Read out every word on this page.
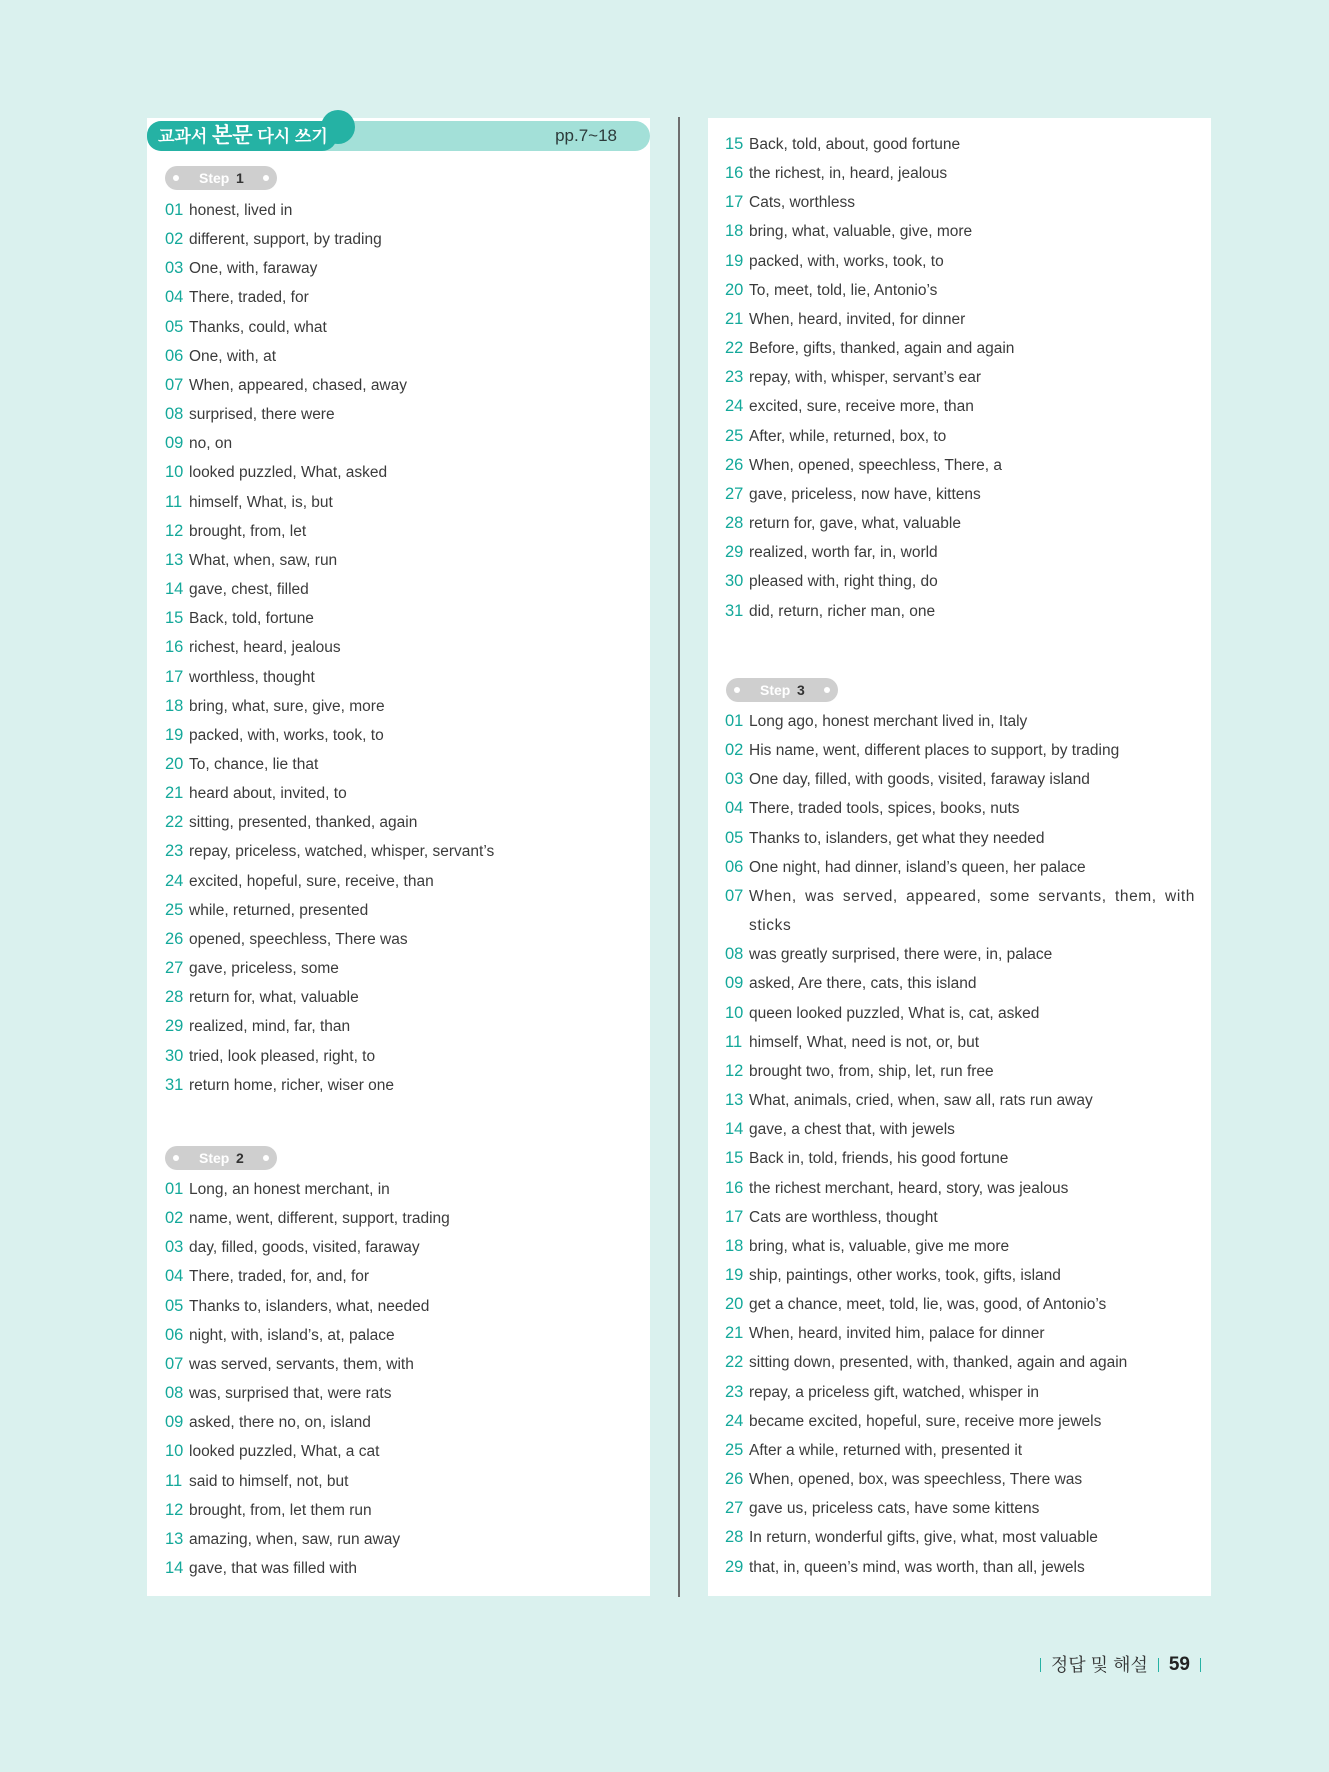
교과서 본문 다시 쓰기	pp.7~18
Step 1
01 honest, lived in
02 different, support, by trading
03 One, with, faraway
04 There, traded, for
05 Thanks, could, what
06 One, with, at
07 When, appeared, chased, away
08 surprised, there were
09 no, on
10 looked puzzled, What, asked
11 himself, What, is, but
12 brought, from, let
13 What, when, saw, run
14 gave, chest, filled
15 Back, told, fortune
16 richest, heard, jealous
17 worthless, thought
18 bring, what, sure, give, more
19 packed, with, works, took, to
20 To, chance, lie that
21 heard about, invited, to
22 sitting, presented, thanked, again
23 repay, priceless, watched, whisper, servant’s
24 excited, hopeful, sure, receive, than
25 while, returned, presented
26 opened, speechless, There was
27 gave, priceless, some
28 return for, what, valuable
29 realized, mind, far, than
30 tried, look pleased, right, to
31 return home, richer, wiser one
Step 2
01 Long, an honest merchant, in
02 name, went, different, support, trading
03 day, filled, goods, visited, faraway
04 There, traded, for, and, for
05 Thanks to, islanders, what, needed
06 night, with, island’s, at, palace
07 was served, servants, them, with
08 was, surprised that, were rats
09 asked, there no, on, island
10 looked puzzled, What, a cat
11 said to himself, not, but
12 brought, from, let them run
13 amazing, when, saw, run away
14 gave, that was filled with
15 Back, told, about, good fortune
16 the richest, in, heard, jealous
17 Cats, worthless
18 bring, what, valuable, give, more
19 packed, with, works, took, to
20 To, meet, told, lie, Antonio’s
21 When, heard, invited, for dinner
22 Before, gifts, thanked, again and again
23 repay, with, whisper, servant’s ear
24 excited, sure, receive more, than
25 After, while, returned, box, to
26 When, opened, speechless, There, a
27 gave, priceless, now have, kittens
28 return for, gave, what, valuable
29 realized, worth far, in, world
30 pleased with, right thing, do
31 did, return, richer man, one
Step 3
01 Long ago, honest merchant lived in, Italy
02 His name, went, different places to support, by trading
03 One day, filled, with goods, visited, faraway island
04 There, traded tools, spices, books, nuts
05 Thanks to, islanders, get what they needed
06 One night, had dinner, island’s queen, her palace
07 When, was served, appeared, some servants, them, with sticks
08 was greatly surprised, there were, in, palace
09 asked, Are there, cats, this island
10 queen looked puzzled, What is, cat, asked
11 himself, What, need is not, or, but
12 brought two, from, ship, let, run free
13 What, animals, cried, when, saw all, rats run away
14 gave, a chest that, with jewels
15 Back in, told, friends, his good fortune
16 the richest merchant, heard, story, was jealous
17 Cats are worthless, thought
18 bring, what is, valuable, give me more
19 ship, paintings, other works, took, gifts, island
20 get a chance, meet, told, lie, was, good, of Antonio’s
21 When, heard, invited him, palace for dinner
22 sitting down, presented, with, thanked, again and again
23 repay, a priceless gift, watched, whisper in
24 became excited, hopeful, sure, receive more jewels
25 After a while, returned with, presented it
26 When, opened, box, was speechless, There was
27 gave us, priceless cats, have some kittens
28 In return, wonderful gifts, give, what, most valuable
29 that, in, queen’s mind, was worth, than all, jewels
정답 및 해설 59
